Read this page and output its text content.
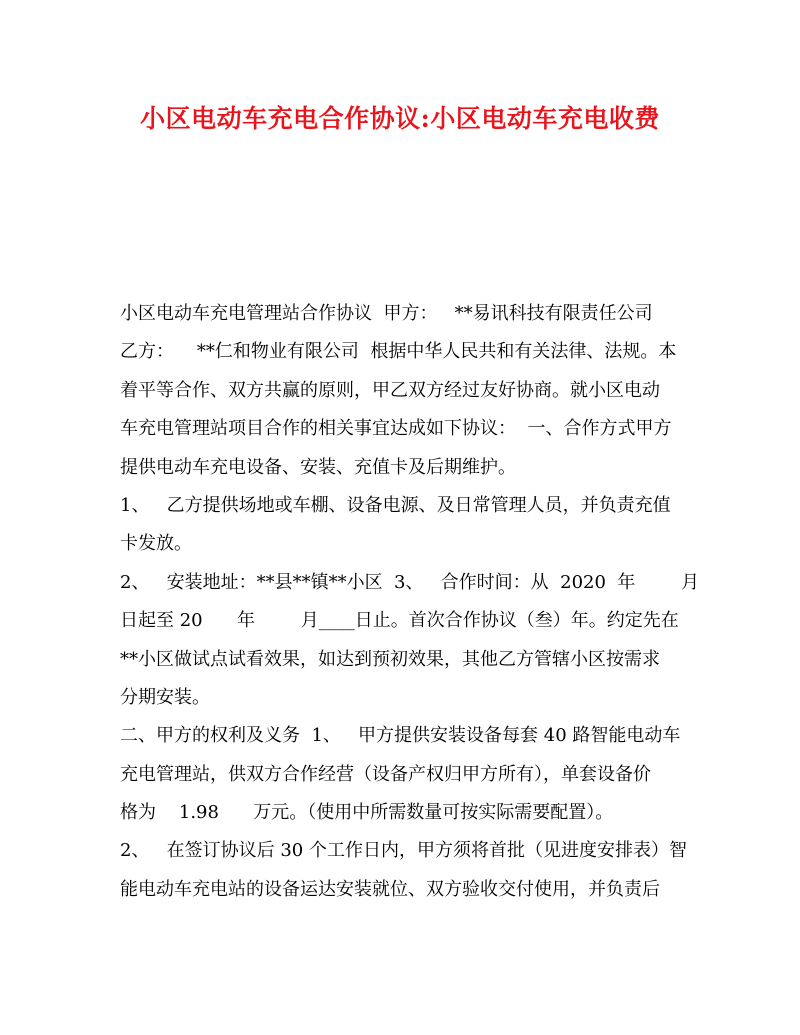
小区电动车充电合作协议:小区电动车充电收费
小区电动车充电管理站合作协议  甲方：   **易讯科技有限责任公司
乙方：    **仁和物业有限公司  根据中华人民共和有关法律、法规。本
着平等合作、双方共赢的原则，甲乙双方经过友好协商。就小区电动
车充电管理站项目合作的相关事宜达成如下协议：  一、合作方式甲方
提供电动车充电设备、安装、充值卡及后期维护。
1、   乙方提供场地或车棚、设备电源、及日常管理人员，并负责充值
卡发放。
2、   安装地址：**县**镇**小区  3、   合作时间：从  2020  年        月
日起至 20      年        月____日止。首次合作协议（叁）年。约定先在
**小区做试点试看效果，如达到预初效果，其他乙方管辖小区按需求
分期安装。
二、甲方的权利及义务  1、   甲方提供安装设备每套 40 路智能电动车
充电管理站，供双方合作经营（设备产权归甲方所有），单套设备价
格为    1.98      万元。（使用中所需数量可按实际需要配置）。
2、   在签订协议后 30 个工作日内，甲方须将首批（见进度安排表）智
能电动车充电站的设备运达安装就位、双方验收交付使用，并负责后
